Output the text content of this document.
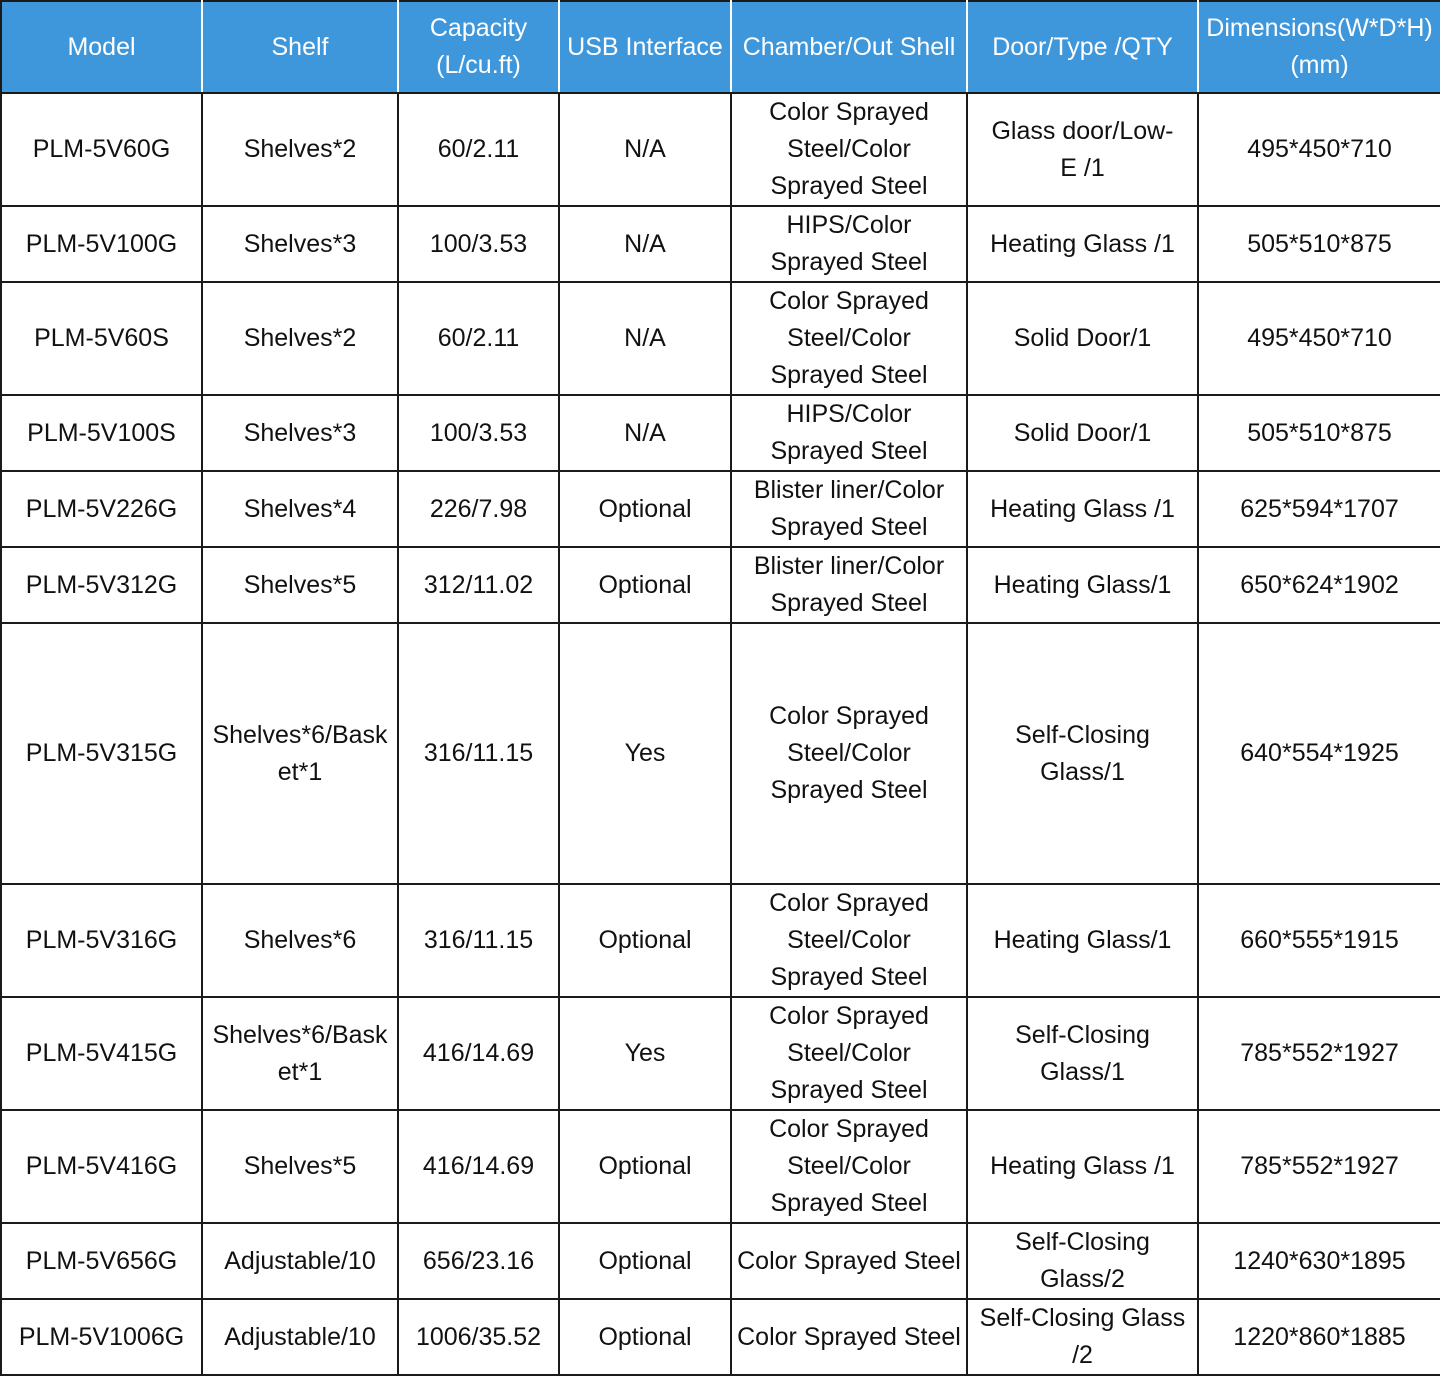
Model	Shelf	Capacity
(L/cu.ft)	USB Interface	Chamber/Out Shell	Door/Type /QTY	Dimensions(W*D*H)
(mm)
PLM-5V60G	Shelves*2	60/2.11	N/A	Color Sprayed
Steel/Color
Sprayed Steel	Glass door/Low-
E /1	495*450*710
PLM-5V100G	Shelves*3	100/3.53	N/A	HIPS/Color
Sprayed Steel	Heating Glass /1	505*510*875
PLM-5V60S	Shelves*2	60/2.11	N/A	Color Sprayed
Steel/Color
Sprayed Steel	Solid Door/1	495*450*710
PLM-5V100S	Shelves*3	100/3.53	N/A	HIPS/Color
Sprayed Steel	Solid Door/1	505*510*875
PLM-5V226G	Shelves*4	226/7.98	Optional	Blister liner/Color
Sprayed Steel	Heating Glass /1	625*594*1707
PLM-5V312G	Shelves*5	312/11.02	Optional	Blister liner/Color
Sprayed Steel	Heating Glass/1	650*624*1902
PLM-5V315G	Shelves*6/Bask
et*1	316/11.15	Yes	Color Sprayed
Steel/Color
Sprayed Steel	Self-Closing
Glass/1	640*554*1925
PLM-5V316G	Shelves*6	316/11.15	Optional	Color Sprayed
Steel/Color
Sprayed Steel	Heating Glass/1	660*555*1915
PLM-5V415G	Shelves*6/Bask
et*1	416/14.69	Yes	Color Sprayed
Steel/Color
Sprayed Steel	Self-Closing
Glass/1	785*552*1927
PLM-5V416G	Shelves*5	416/14.69	Optional	Color Sprayed
Steel/Color
Sprayed Steel	Heating Glass /1	785*552*1927
PLM-5V656G	Adjustable/10	656/23.16	Optional	Color Sprayed Steel	Self-Closing
Glass/2	1240*630*1895
PLM-5V1006G	Adjustable/10	1006/35.52	Optional	Color Sprayed Steel	Self-Closing Glass
/2	1220*860*1885
